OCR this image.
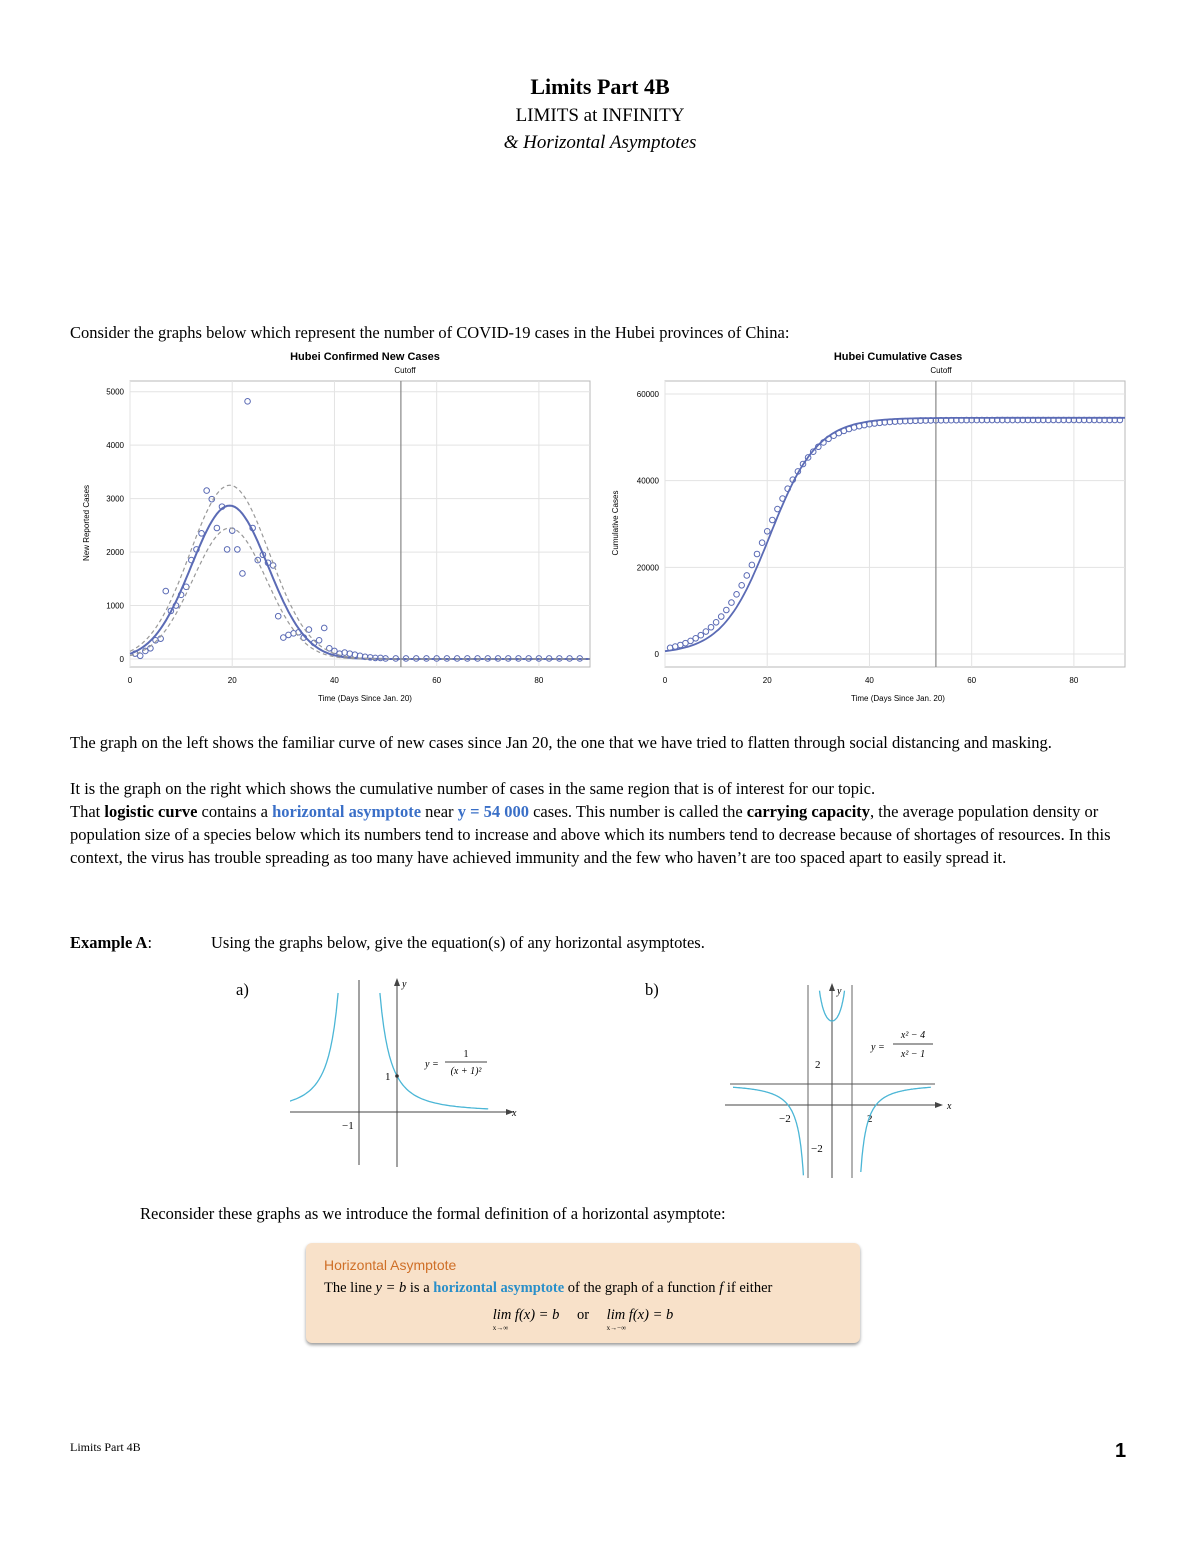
Limits Part 4B
LIMITS at INFINITY
& Horizontal Asymptotes
Consider the graphs below which represent the number of COVID-19 cases in the Hubei provinces of China:
Hubei Confirmed New Cases
Cutoff
Time (Days Since Jan. 20)
New Reported Cases
0	20	40	60	80
0
1000
2000
3000
4000
5000
Hubei Cumulative Cases
Cutoff
Time (Days Since Jan. 20)
Cumulative Cases
0	20	40	60	80
0
20000
40000
60000
The graph on the left shows the familiar curve of new cases since Jan 20, the one that we have tried to flatten through social distancing and masking.
It is the graph on the right which shows the cumulative number of cases in the same region that is of interest for our topic.
That logistic curve contains a horizontal asymptote near y = 54 000 cases. This number is called the carrying capacity, the average population density or population size of a species below which its numbers tend to increase and above which its numbers tend to decrease because of shortages of resources. In this context, the virus has trouble spreading as too many have achieved immunity and the few who haven’t are too spaced apart to easily spread it.
Example A:	Using the graphs below, give the equation(s) of any horizontal asymptotes.
a)	b)
x
y
1
−1
y =
1
(x + 1)²
x
y
2
−2
2
−2
y =
x² − 4
x² − 1
Reconsider these graphs as we introduce the formal definition of a horizontal asymptote:
Horizontal Asymptote
The line y = b is a horizontal asymptote of the graph of a function f if either
lim f(x) = b
x→∞
or lim f(x) = b
x→−∞
Limits Part 4B	1
